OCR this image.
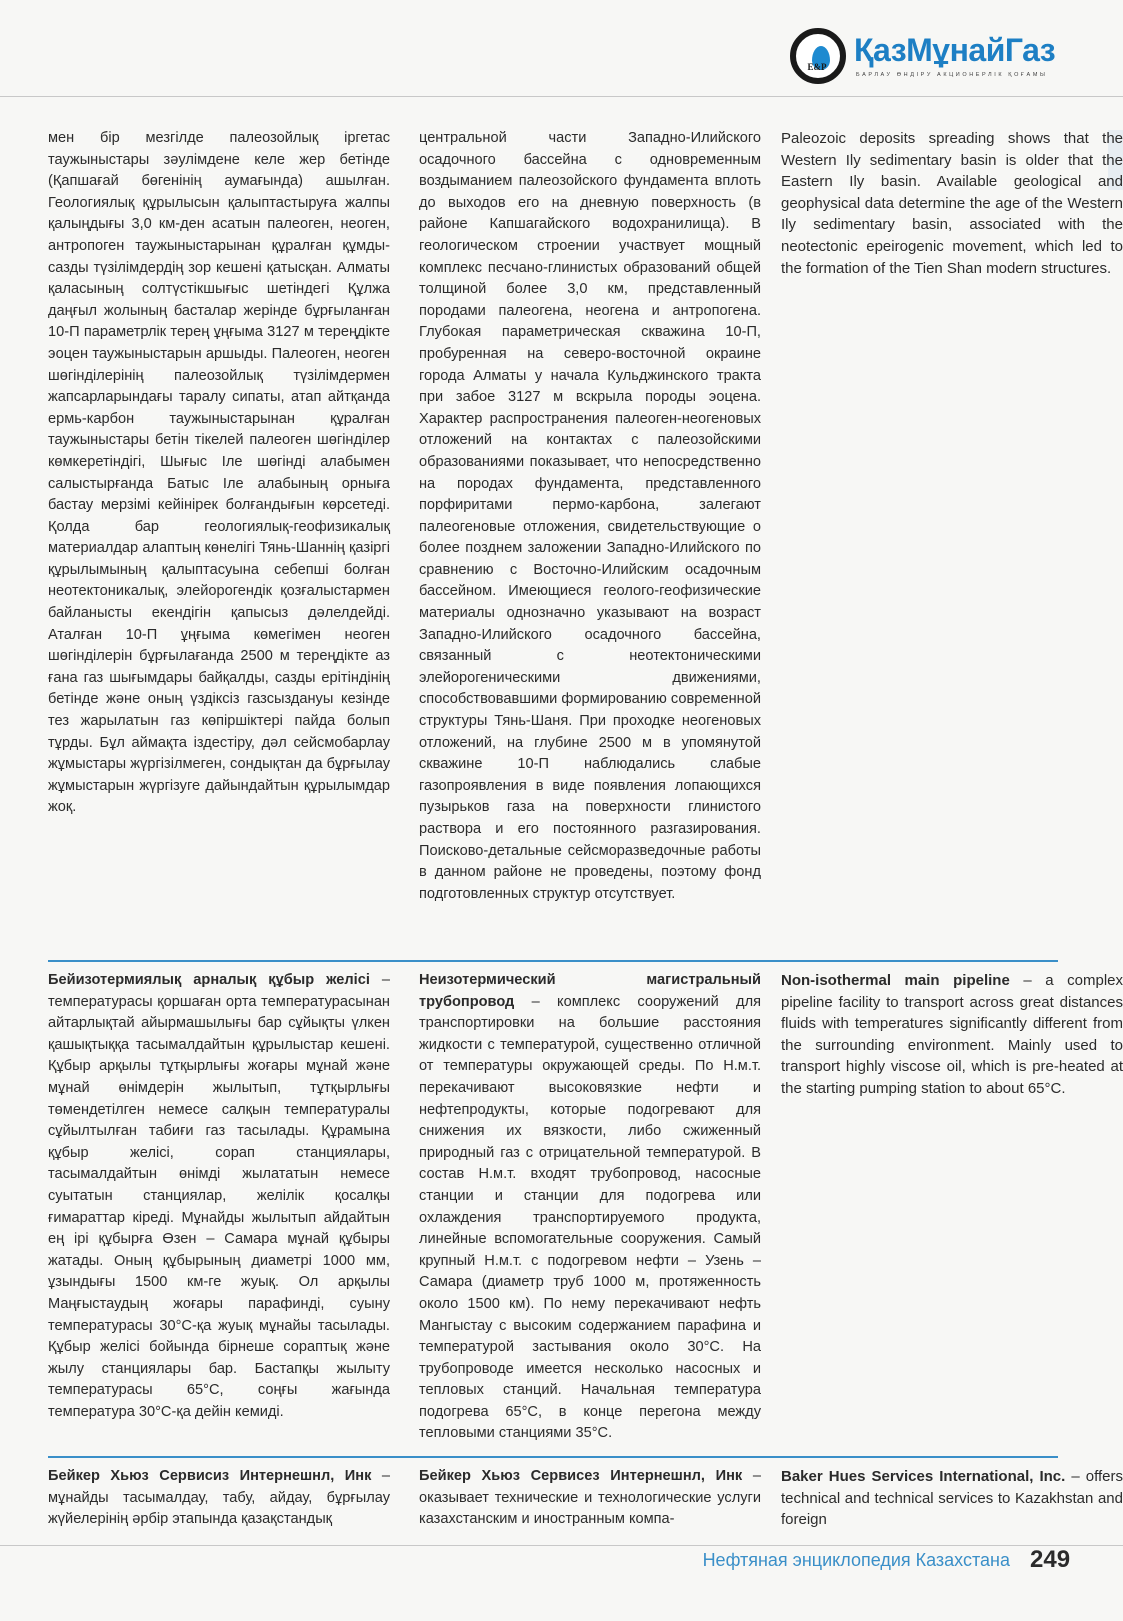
E&P ҚазМұнайГаз
БАРЛАУ ӨНДІРУ АКЦИОНЕРЛІК ҚОҒАМЫ
мен бір мезгілде палеозойлық іргетас таужыныстары зәулімдене келе жер бетінде (Қапшағай бөгенінің аумағында) ашылған. Геологиялық құрылысын қалыптастыруға жалпы қалыңдығы 3,0 км-ден асатын палеоген, неоген, антропоген таужыныстарынан құралған құмды-сазды түзілімдердің зор кешені қатысқан. Алматы қаласының солтүстікшығыс шетіндегі Құлжа даңғыл жолының басталар жерінде бұрғыланған 10-П параметрлік терең ұңғыма 3127 м тереңдікте эоцен таужыныстарын аршыды. Палеоген, неоген шөгінділерінің палеозойлық түзілімдермен жапсарларындағы таралу сипаты, атап айтқанда ермь-карбон таужыныстарынан құралған таужыныстары бетін тікелей палеоген шөгінділер көмкеретіндігі, Шығыс Іле шөгінді алабымен салыстырғанда Батыс Іле алабының орнығa бастау мерзімі кейінірек болғандығын көрсетеді. Қолда бар геологиялық-геофизикалық материалдар алаптың көнелігі Тянь-Шаннің қазіргі құрылымының қалыптасуына себепші болған неотектоникалық, элейорогендік қозғалыстармен байланысты екендігін қапысыз дәлелдейді. Аталған 10-П ұңғыма көмегімен неоген шөгінділерін бұрғылағанда 2500 м тереңдікте аз ғана газ шығымдары байқалды, сазды ерітіндінің бетінде және оның үздіксіз газсыздануы кезінде тез жарылатын газ көпіршіктері пайда болып тұрды. Бұл аймақта іздестіру, дәл сейсмобарлау жұмыстары жүргізілмеген, сондықтан да бұрғылау жұмыстарын жүргізуге дайындайтын құрылымдар жоқ.
центральной части Западно-Илийского осадочного бассейна с одновременным воздыманием палеозойского фундамента вплоть до выходов его на дневную поверхность (в районе Капшагайского водохранилища). В геологическом строении участвует мощный комплекс песчано-глинистых образований общей толщиной более 3,0 км, представленный породами палеогена, неогена и антропогена. Глубокая параметрическая скважина 10-П, пробуренная на северо-восточной окраине города Алматы у начала Кульджинского тракта при забое 3127 м вскрыла породы эоцена. Характер распространения палеоген-неогеновых отложений на контактах с палеозойскими образованиями показывает, что непосредственно на породах фундамента, представленного порфиритами пермо-карбона, залегают палеогеновые отложения, свидетельствующие о более позднем заложении Западно-Илийского по сравнению с Восточно-Илийским осадочным бассейном. Имеющиеся геолого-геофизические материалы однозначно указывают на возраст Западно-Илийского осадочного бассейна, связанный с неотектоническими элейорогеническими движениями, способствовавшими формированию современной структуры Тянь-Шаня. При проходке неогеновых отложений, на глубине 2500 м в упомянутой скважине 10-П наблюдались слабые газопроявления в виде появления лопающихся пузырьков газа на поверхности глинистого раствора и его постоянного разгазирования. Поисково-детальные сейсморазведочные работы в данном районе не проведены, поэтому фонд подготовленных структур отсутствует.
Paleozoic deposits spreading shows that the Western Ily sedimentary basin is older that the Eastern Ily basin. Available geological and geophysical data determine the age of the Western Ily sedimentary basin, associated with the neotectonic epeirogenic movement, which led to the formation of the Tien Shan modern structures.
Бейизотермиялық арналық құбыр желісі – температурасы қоршаған орта температурасынан айтарлықтай айырмашылығы бар сұйықты үлкен қашықтыққа тасымалдайтын құрылыстар кешені. Құбыр арқылы тұтқырлығы жоғары мұнай және мұнай өнімдерін жылытып, тұтқырлығы төмендетілген немесе салқын температуралы сұйылтылған табиғи газ тасылады. Құрамына құбыр желісі, сорап станциялары, тасымалдайтын өнімді жылататын немесе суытатын станциялар, желілік қосалқы ғимараттар кіреді. Мұнайды жылытып айдайтын ең ірі құбырға Өзен – Самара мұнай құбыры жатады. Оның құбырының диаметрі 1000 мм, ұзындығы 1500 км-ге жуық. Ол арқылы Маңғыстаудың жоғары парафинді, суыну температурасы 30°С-қа жуық мұнайы тасылады. Құбыр желісі бойында бірнеше сораптық және жылу станциялары бар. Бастапқы жылыту температурасы 65°С, соңғы жағында температура 30°С-қа дейін кемиді.
Неизотермический магистральный трубопровод – комплекс сооружений для транспортировки на большие расстояния жидкости с температурой, существенно отличной от температуры окружающей среды. По Н.м.т. перекачивают высоковязкие нефти и нефтепродукты, которые подогревают для снижения их вязкости, либо сжиженный природный газ с отрицательной температурой. В состав Н.м.т. входят трубопровод, насосные станции и станции для подогрева или охлаждения транспортируемого продукта, линейные вспомогательные сооружения. Самый крупный Н.м.т. с подогревом нефти – Узень – Самара (диаметр труб 1000 м, протяженность около 1500 км). По нему перекачивают нефть Мангыстау с высоким содержанием парафина и температурой застывания около 30°С. На трубопроводе имеется несколько насосных и тепловых станций. Начальная температура подогрева 65°С, в конце перегона между тепловыми станциями 35°С.
Non-isothermal main pipeline – a complex pipeline facility to transport across great distances fluids with temperatures significantly different from the surrounding environment. Mainly used to transport highly viscose oil, which is pre-heated at the starting pumping station to about 65°C.
Бейкер Хьюз Сервисиз Интернешнл, Инк – мұнайды тасымалдау, табу, айдау, бұрғылау жүйелерінің әрбір этапында қазақстандық
Бейкер Хьюз Сервисез Интернешнл, Инк – оказывает технические и технологические услуги казахстанским и иностранным компа-
Baker Hues Services International, Inc. – offers technical and technical services to Kazakhstan and foreign
Нефтяная энциклопедия Казахстана 249
